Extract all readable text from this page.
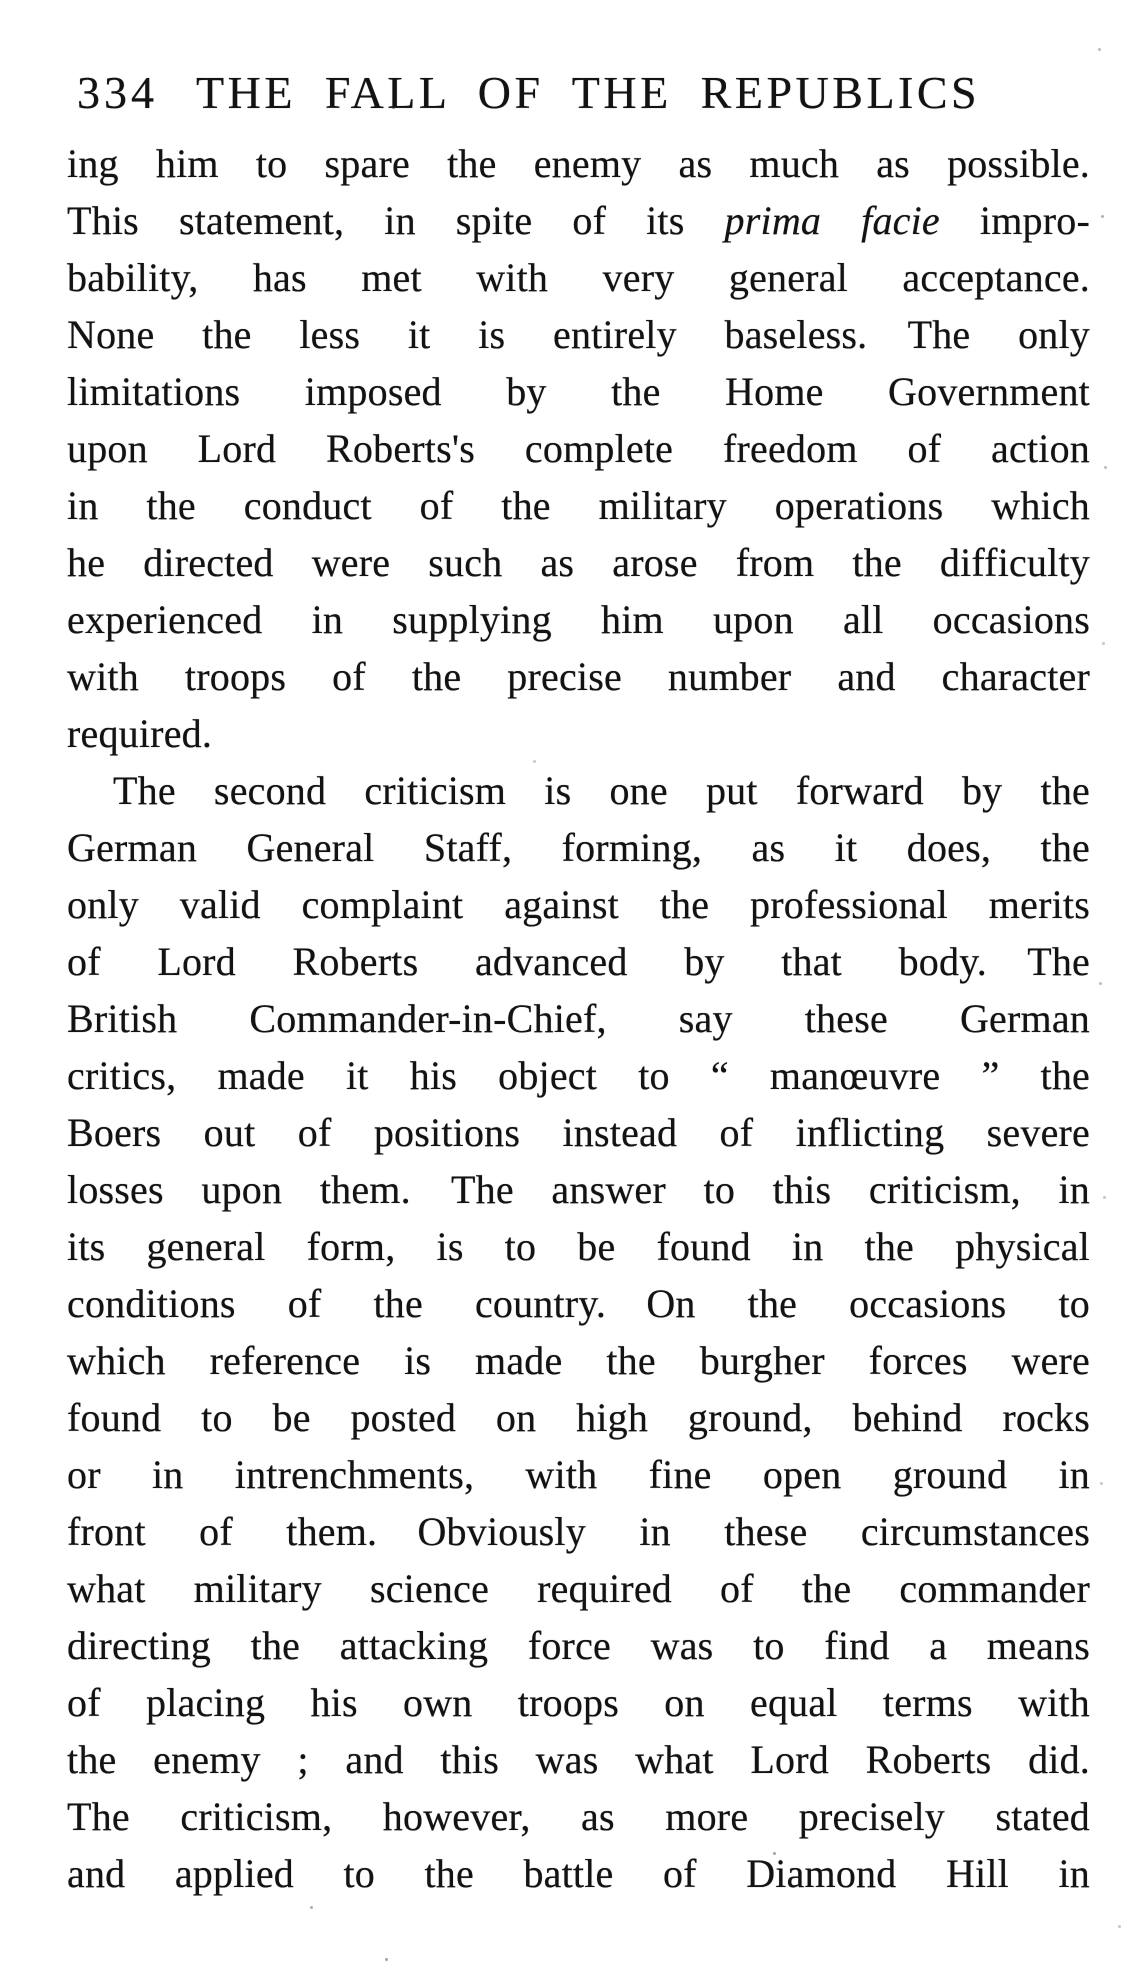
334 THE FALL OF THE REPUBLICS
ing him to spare the enemy as much as possible.
This statement, in spite of its prima facie impro-
bability, has met with very general acceptance.
None the less it is entirely baseless. The only
limitations imposed by the Home Government
upon Lord Roberts's complete freedom of action
in the conduct of the military operations which
he directed were such as arose from the difficulty
experienced in supplying him upon all occasions
with troops of the precise number and character
required.
The second criticism is one put forward by the
German General Staff, forming, as it does, the
only valid complaint against the professional merits
of Lord Roberts advanced by that body. The
British Commander-in-Chief, say these German
critics, made it his object to “ manœuvre ” the
Boers out of positions instead of inflicting severe
losses upon them. The answer to this criticism, in
its general form, is to be found in the physical
conditions of the country. On the occasions to
which reference is made the burgher forces were
found to be posted on high ground, behind rocks
or in intrenchments, with fine open ground in
front of them. Obviously in these circumstances
what military science required of the commander
directing the attacking force was to find a means
of placing his own troops on equal terms with
the enemy ; and this was what Lord Roberts did.
The criticism, however, as more precisely stated
and applied to the battle of Diamond Hill in
